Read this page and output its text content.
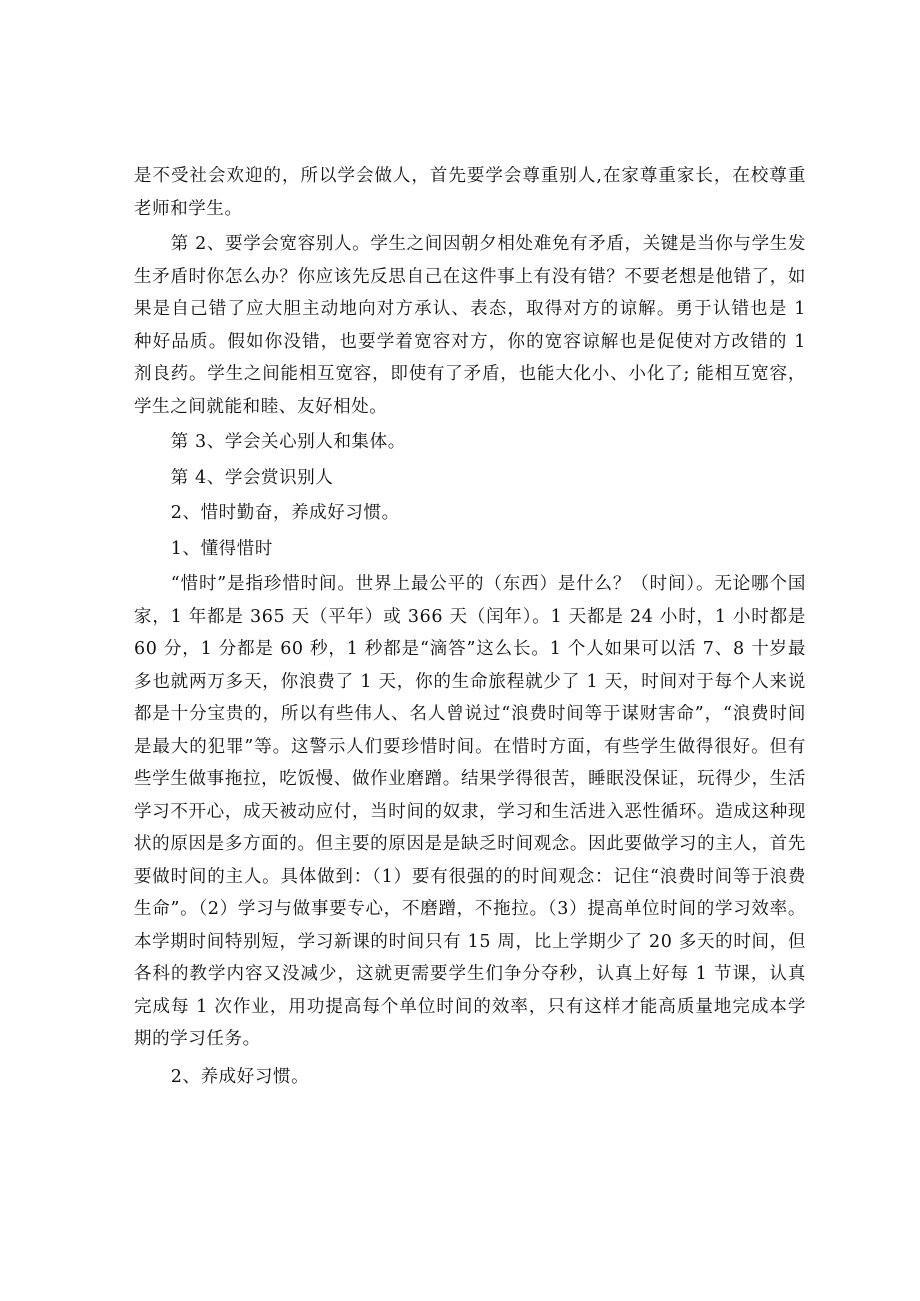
是不受社会欢迎的，所以学会做人，首先要学会尊重别人,在家尊重家长，在校尊重老师和学生。

第 2、要学会宽容别人。学生之间因朝夕相处难免有矛盾，关键是当你与学生发生矛盾时你怎么办？你应该先反思自己在这件事上有没有错？不要老想是他错了，如果是自己错了应大胆主动地向对方承认、表态，取得对方的谅解。勇于认错也是 1 种好品质。假如你没错，也要学着宽容对方，你的宽容谅解也是促使对方改错的 1 剂良药。学生之间能相互宽容，即使有了矛盾，也能大化小、小化了; 能相互宽容，学生之间就能和睦、友好相处。

第 3、学会关心别人和集体。

第 4、学会赏识别人

2、惜时勤奋，养成好习惯。

1、懂得惜时

“惜时”是指珍惜时间。世界上最公平的（东西）是什么？（时间）。无论哪个国家，1 年都是 365 天（平年）或 366 天（闰年）。1 天都是 24 小时，1 小时都是 60 分，1 分都是 60 秒，1 秒都是“滴答”这么长。1 个人如果可以活 7、8 十岁最多也就两万多天，你浪费了 1 天，你的生命旅程就少了 1 天，时间对于每个人来说都是十分宝贵的，所以有些伟人、名人曾说过“浪费时间等于谋财害命”，“浪费时间是最大的犯罪”等。这警示人们要珍惜时间。在惜时方面，有些学生做得很好。但有些学生做事拖拉，吃饭慢、做作业磨蹭。结果学得很苦，睡眠没保证，玩得少，生活学习不开心，成天被动应付，当时间的奴隶，学习和生活进入恶性循环。造成这种现状的原因是多方面的。但主要的原因是是缺乏时间观念。因此要做学习的主人，首先要做时间的主人。具体做到：（1）要有很强的的时间观念：记住“浪费时间等于浪费生命”。（2）学习与做事要专心，不磨蹭，不拖拉。（3）提高单位时间的学习效率。本学期时间特别短，学习新课的时间只有 15 周，比上学期少了 20 多天的时间，但各科的教学内容又没减少，这就更需要学生们争分夺秒，认真上好每 1 节课，认真完成每 1 次作业，用功提高每个单位时间的效率，只有这样才能高质量地完成本学期的学习任务。

2、养成好习惯。
